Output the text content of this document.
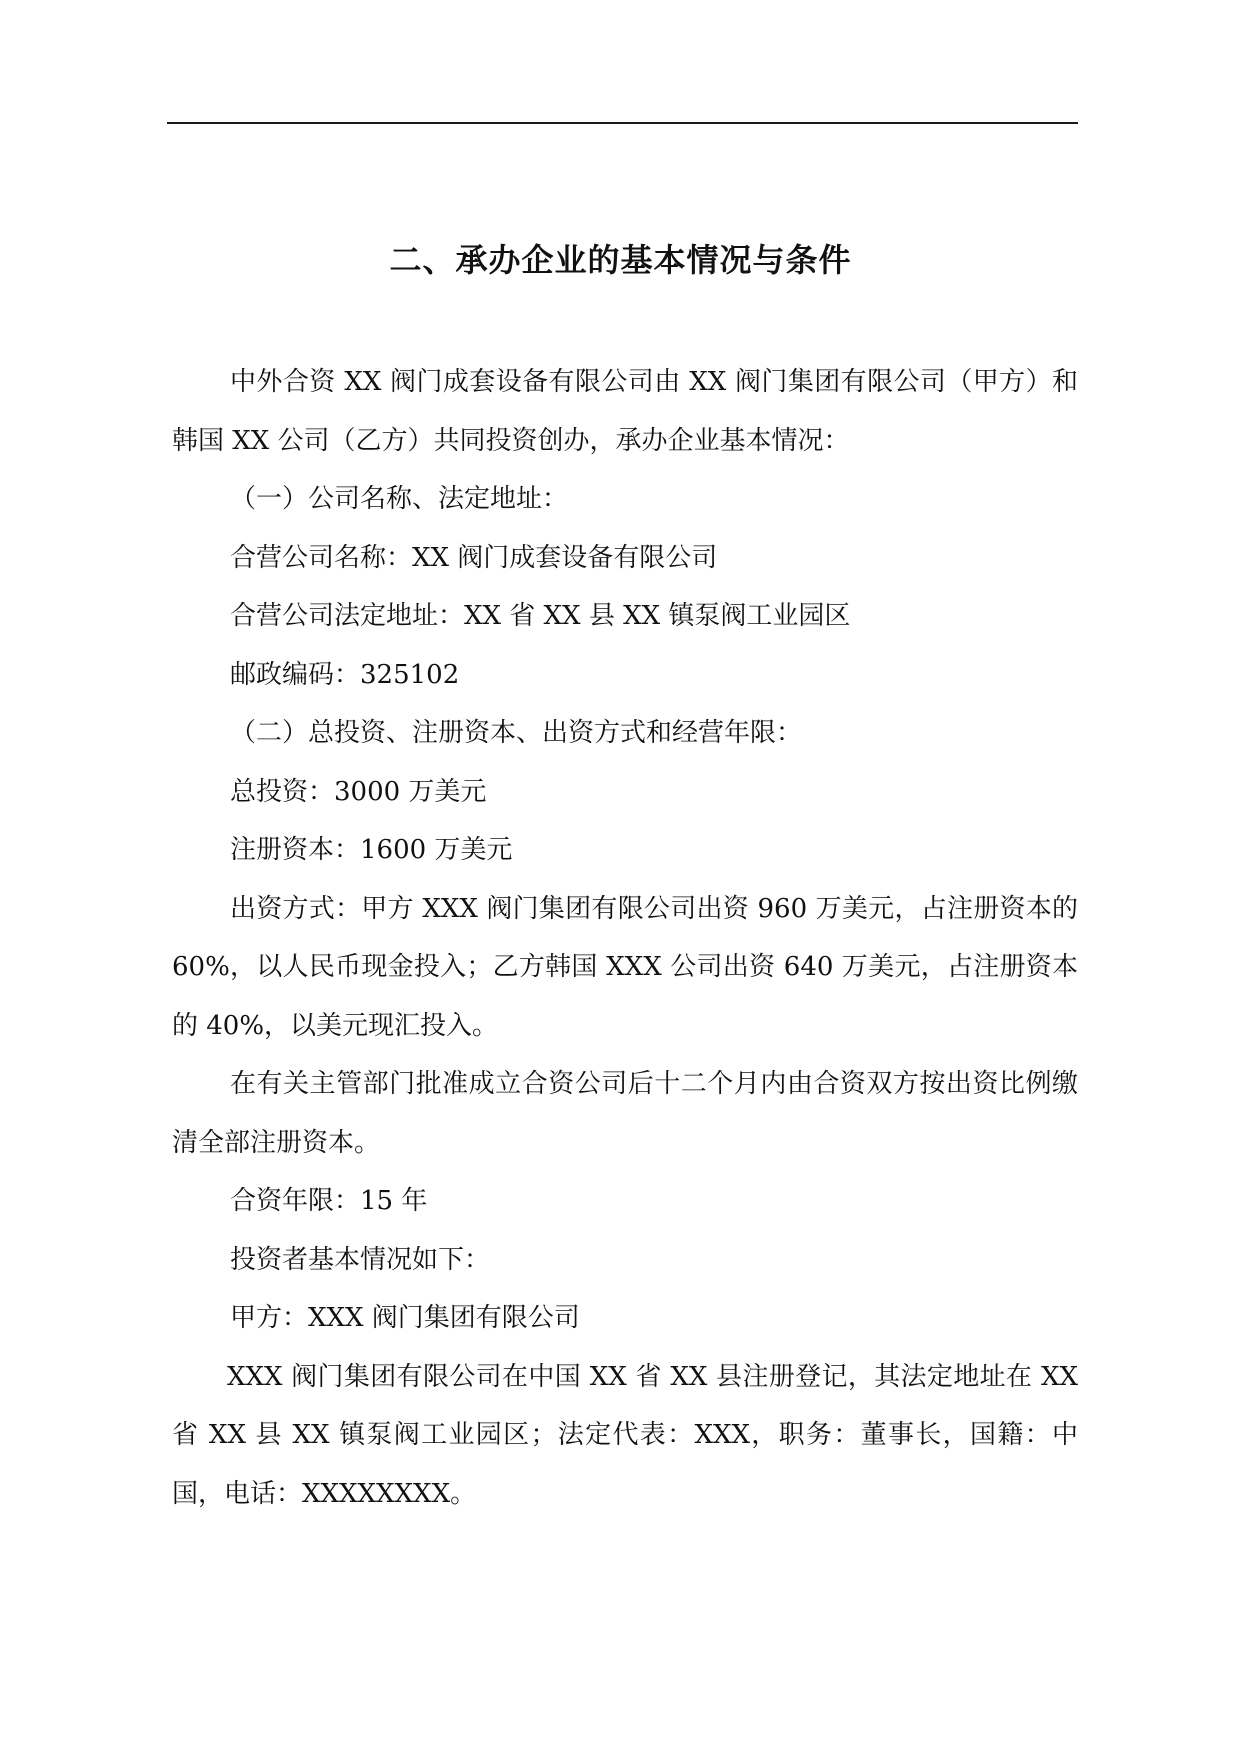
二、承办企业的基本情况与条件

中外合资 XX 阀门成套设备有限公司由 XX 阀门集团有限公司（甲方）和韩国 XX 公司（乙方）共同投资创办，承办企业基本情况：

（一）公司名称、法定地址：

合营公司名称：XX 阀门成套设备有限公司

合营公司法定地址：XX 省 XX 县 XX 镇泵阀工业园区

邮政编码：325102

（二）总投资、注册资本、出资方式和经营年限：

总投资：3000 万美元

注册资本：1600 万美元

出资方式：甲方 XXX 阀门集团有限公司出资 960 万美元，占注册资本的 60%，以人民币现金投入；乙方韩国 XXX 公司出资 640 万美元，占注册资本的 40%，以美元现汇投入。

在有关主管部门批准成立合资公司后十二个月内由合资双方按出资比例缴清全部注册资本。

合资年限：15 年

投资者基本情况如下：

甲方：XXX 阀门集团有限公司

XXX 阀门集团有限公司在中国 XX 省 XX 县注册登记，其法定地址在 XX 省 XX 县 XX 镇泵阀工业园区；法定代表：XXX，职务：董事长，国籍：中国，电话：XXXXXXXX。
